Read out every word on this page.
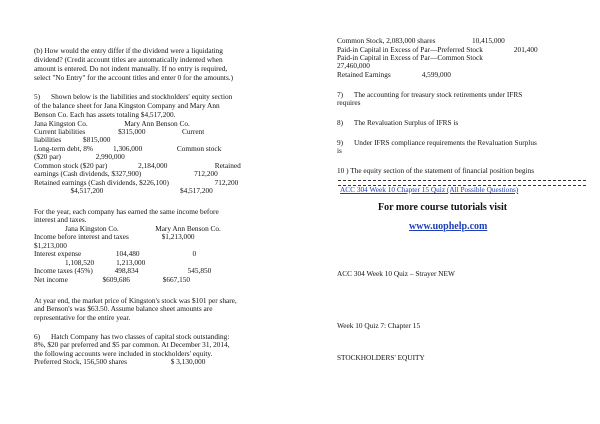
(b) How would the entry differ if the dividend were a liquidating
dividend? (Credit account titles are automatically indented when
amount is entered. Do not indent manually. If no entry is required,
select "No Entry" for the account titles and enter 0 for the amounts.)
5)      Shown below is the liabilities and stockholders' equity section
of the balance sheet for Jana Kingston Company and Mary Ann
Benson Co. Each has assets totaling $4,517,200.
Jana Kingston Co.                    Mary Ann Benson Co.
Current liabilities                  $315,000                    Current
liabilities            $815,000
Long-term debt, 8%           1,306,000                   Common stock
($20 par)                   2,990,000
Common stock ($20 par)                 2,184,000                          Retained
earnings (Cash dividends, $327,900)                             712,200
Retained earnings (Cash dividends, $226,100)                         712,200
$4,517,200                                          $4,517,200
For the year, each company has earned the same income before
interest and taxes.
Jana Kingston Co.                    Mary Ann Benson Co.
Income before interest and taxes                  $1,213,000
$1,213,000
Interest expense                   104,480                             0
1,108,520            1,213,000
Income taxes (45%)            498,834                           545,850
Net income                   $609,686                  $667,150
At year end, the market price of Kingston's stock was $101 per share,
and Benson's was $63.50. Assume balance sheet amounts are
representative for the entire year.
6)      Hatch Company has two classes of capital stock outstanding:
8%, $20 par preferred and $5 par common. At December 31, 2014,
the following accounts were included in stockholders' equity.
Preferred Stock, 156,500 shares                        $ 3,130,000
Common Stock, 2,083,000 shares                    10,415,000
Paid-in Capital in Excess of Par—Preferred Stock                 201,400
Paid-in Capital in Excess of Par—Common Stock
27,460,000
Retained Earnings                 4,599,000
7)      The accounting for treasury stock retirements under IFRS
requires
8)      The Revaluation Surplus of IFRS is
9)      Under IFRS compliance requirements the Revaluation Surplus
is
10 ) The equity section of the statement of financial position begins
ACC 304 Week 10 Chapter 15 Quiz (All Possible Questions)
For more course tutorials visit
www.uophelp.com
ACC 304 Week 10 Quiz – Strayer NEW
Week 10 Quiz 7: Chapter 15
STOCKHOLDERS' EQUITY
